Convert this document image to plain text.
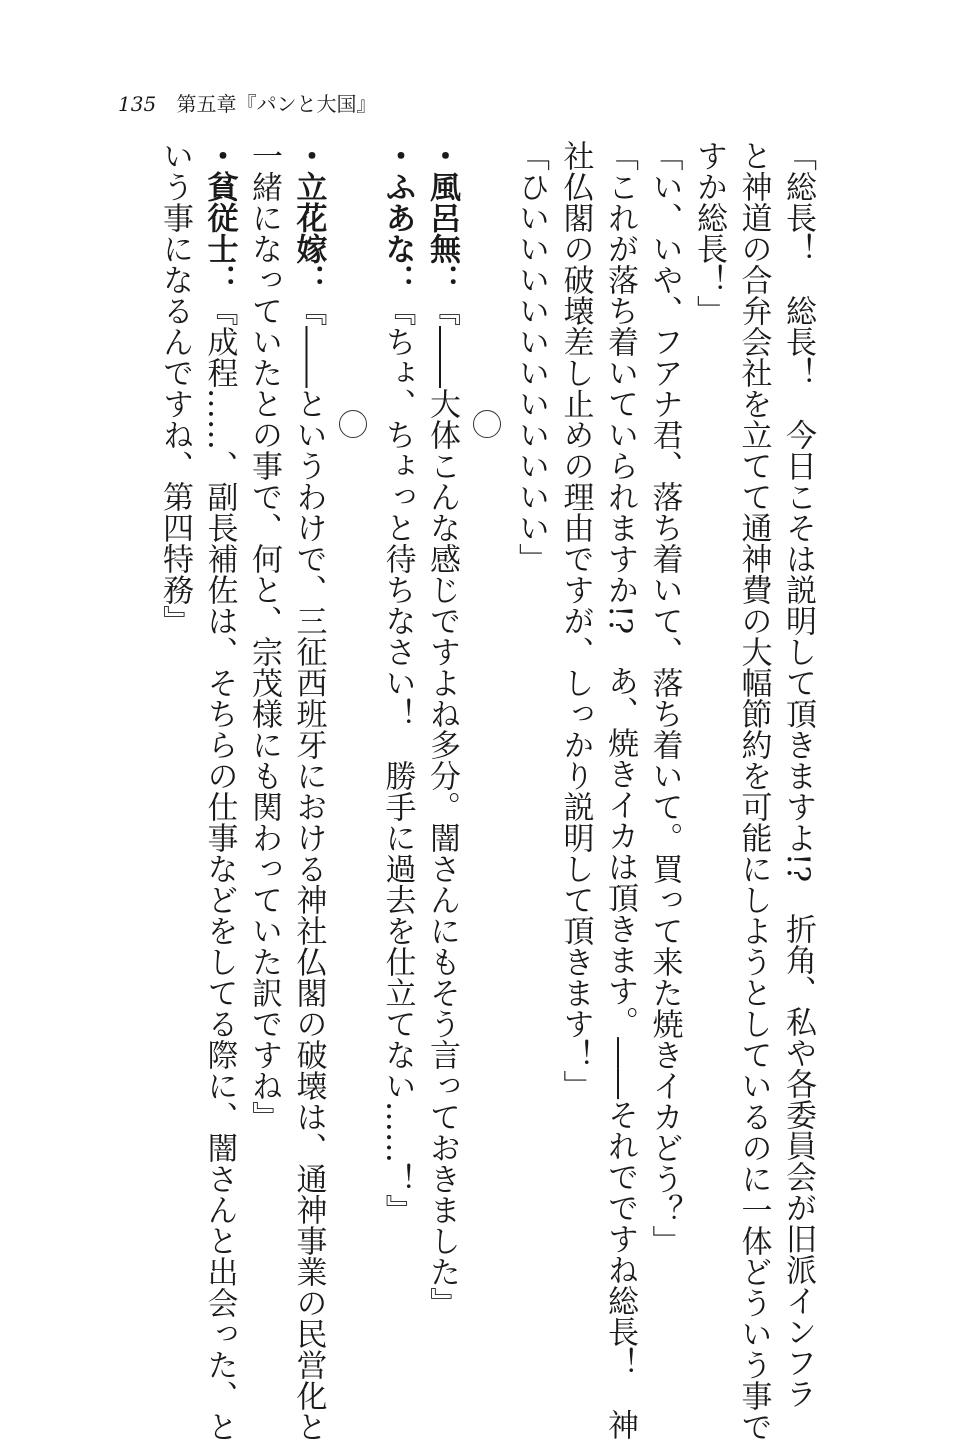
135 第五章『パンと大国』
「総長！　総長！　今日こそは説明して頂きますよ!?　折角、私や各委員会が旧派インフラ
と神道の合弁会社を立てて通神費の大幅節約を可能にしようとしているのに一体どういう事で
すか総長！」
「い、いや、フアナ君、落ち着いて、落ち着いて。買って来た焼きイカどう？」
「これが落ち着いていられますか!?　あ、焼きイカは頂きます。――それでですね総長！　神
社仏閣の破壊差し止めの理由ですが、しっかり説明して頂きます！」
「ひいいいいいいいいいいい」
・風呂無：『――大体こんな感じですよね多分。闇さんにもそう言っておきました』
・ふあな：『ちょ、ちょっと待ちなさい！　勝手に過去を仕立てない……！』
・立花嫁：『――というわけで、三征西班牙における神社仏閣の破壊は、通神事業の民営化と
一緒になっていたとの事で、何と、宗茂様にも関わっていた訳ですね』
・貧従士：『成程……、副長補佐は、そちらの仕事などをしてる際に、闇さんと出会った、と
いう事になるんですね、第四特務』
